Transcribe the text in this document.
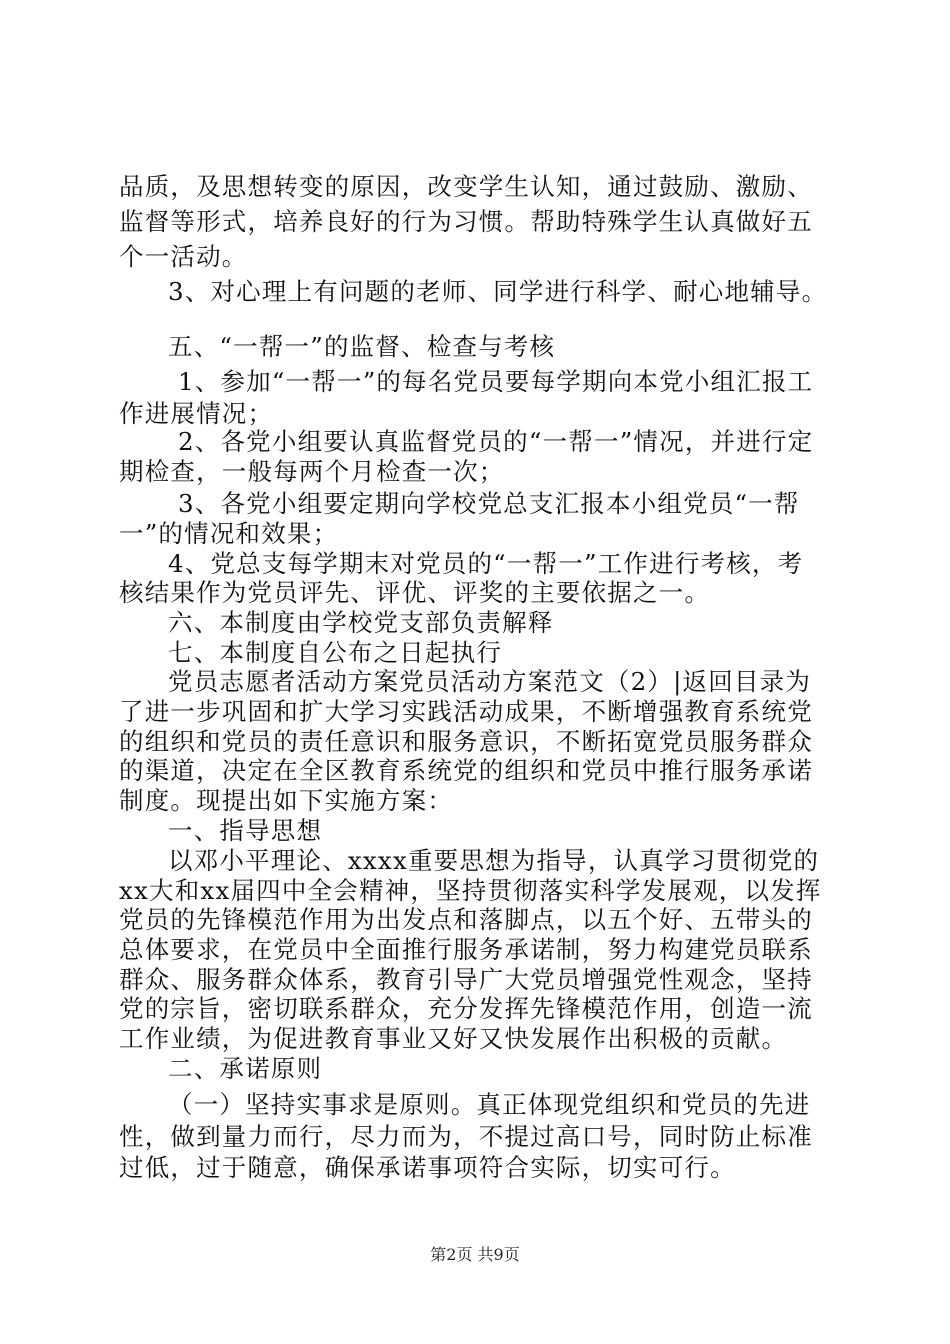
品质，及思想转变的原因，改变学生认知，通过鼓励、激励、
监督等形式，培养良好的行为习惯。帮助特殊学生认真做好五
个一活动。
3、对心理上有问题的老师、同学进行科学、耐心地辅导。
五、“一帮一”的监督、检查与考核
1、参加“一帮一”的每名党员要每学期向本党小组汇报工
作进展情况；
2、各党小组要认真监督党员的“一帮一”情况，并进行定
期检查，一般每两个月检查一次；
3、各党小组要定期向学校党总支汇报本小组党员“一帮
一”的情况和效果；
4、党总支每学期末对党员的“一帮一”工作进行考核，考
核结果作为党员评先、评优、评奖的主要依据之一。
六、本制度由学校党支部负责解释
七、本制度自公布之日起执行
党员志愿者活动方案党员活动方案范文（2）|返回目录为
了进一步巩固和扩大学习实践活动成果，不断增强教育系统党
的组织和党员的责任意识和服务意识，不断拓宽党员服务群众
的渠道，决定在全区教育系统党的组织和党员中推行服务承诺
制度。现提出如下实施方案：
一、指导思想
以邓小平理论、xxxx重要思想为指导，认真学习贯彻党的
xx大和xx届四中全会精神，坚持贯彻落实科学发展观，以发挥
党员的先锋模范作用为出发点和落脚点，以五个好、五带头的
总体要求，在党员中全面推行服务承诺制，努力构建党员联系
群众、服务群众体系，教育引导广大党员增强党性观念，坚持
党的宗旨，密切联系群众，充分发挥先锋模范作用，创造一流
工作业绩，为促进教育事业又好又快发展作出积极的贡献。
二、承诺原则
（一）坚持实事求是原则。真正体现党组织和党员的先进
性，做到量力而行，尽力而为，不提过高口号，同时防止标准
过低，过于随意，确保承诺事项符合实际，切实可行。
第2页 共9页
